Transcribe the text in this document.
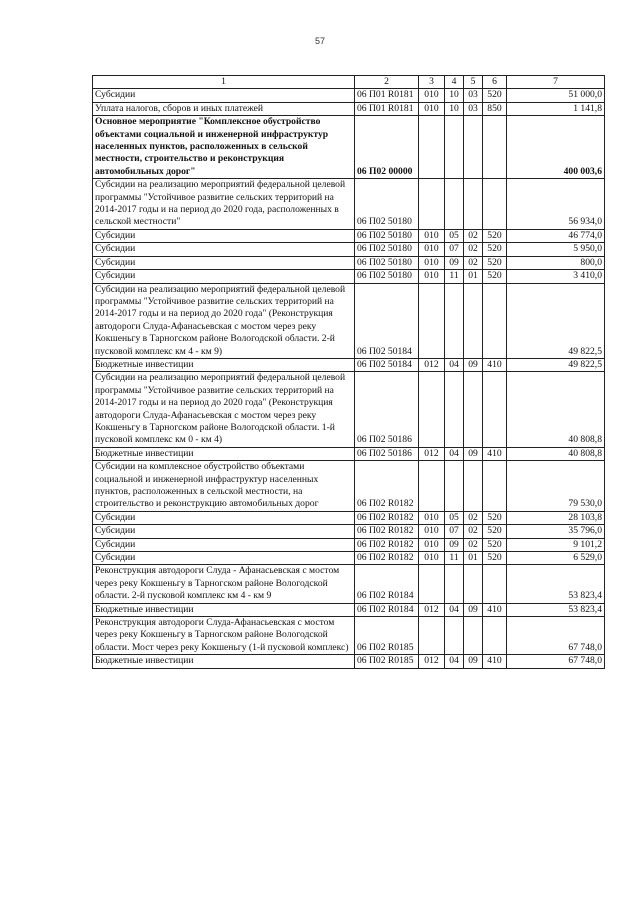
57
1	2	3	4	5	6	7
Субсидии	06 П01 R0181	010	10	03	520	51 000,0
Уплата налогов, сборов и иных платежей	06 П01 R0181	010	10	03	850	1 141,8
Основное мероприятие "Комплексное обустройство объектами социальной и инженерной инфраструктур населенных пунктов, расположенных в сельской местности, строительство и реконструкция автомобильных дорог"	06 П02 00000					400 003,6
Субсидии на реализацию мероприятий федеральной целевой программы "Устойчивое развитие сельских территорий на 2014-2017 годы и на период до 2020 года, расположенных в сельской местности"	06 П02 50180					56 934,0
Субсидии	06 П02 50180	010	05	02	520	46 774,0
Субсидии	06 П02 50180	010	07	02	520	5 950,0
Субсидии	06 П02 50180	010	09	02	520	800,0
Субсидии	06 П02 50180	010	11	01	520	3 410,0
Субсидии на реализацию мероприятий федеральной целевой программы "Устойчивое развитие сельских территорий на 2014-2017 годы и на период до 2020 года" (Реконструкция автодороги Слуда-Афанасьевская с мостом через реку Кокшеньгу в Тарногском районе Вологодской области. 2-й пусковой комплекс км 4 - км 9)	06 П02 50184					49 822,5
Бюджетные инвестиции	06 П02 50184	012	04	09	410	49 822,5
Субсидии на реализацию мероприятий федеральной целевой программы "Устойчивое развитие сельских территорий на 2014-2017 годы и на период до 2020 года" (Реконструкция автодороги Слуда-Афанасьевская с мостом через реку Кокшеньгу в Тарногском районе Вологодской области. 1-й пусковой комплекс км 0 - км 4)	06 П02 50186					40 808,8
Бюджетные инвестиции	06 П02 50186	012	04	09	410	40 808,8
Субсидии на комплексное обустройство объектами социальной и инженерной инфраструктур населенных пунктов, расположенных в сельской местности, на строительство и реконструкцию автомобильных дорог	06 П02 R0182					79 530,0
Субсидии	06 П02 R0182	010	05	02	520	28 103,8
Субсидии	06 П02 R0182	010	07	02	520	35 796,0
Субсидии	06 П02 R0182	010	09	02	520	9 101,2
Субсидии	06 П02 R0182	010	11	01	520	6 529,0
Реконструкция автодороги Слуда - Афанасьевская с мостом через реку Кокшеньгу в Тарногском районе Вологодской области. 2-й пусковой комплекс км 4 - км 9	06 П02 R0184					53 823,4
Бюджетные инвестиции	06 П02 R0184	012	04	09	410	53 823,4
Реконструкция автодороги Слуда-Афанасьевская с мостом через реку Кокшеньгу в Тарногском районе Вологодской области. Мост через реку Кокшеньгу (1-й пусковой комплекс)	06 П02 R0185					67 748,0
Бюджетные инвестиции	06 П02 R0185	012	04	09	410	67 748,0
